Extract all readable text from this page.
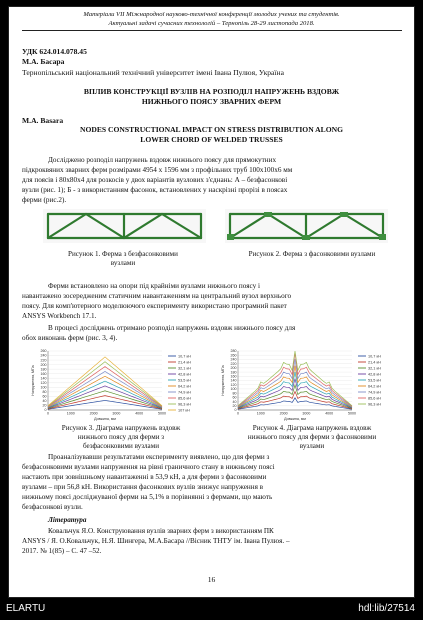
Матеріали VII Міжнародної науково-технічної конференції молодих учених та студентів.
Актуальні задачі сучасних технологій – Тернопіль 28-29 листопада 2018.
УДК 624.014.078.45
М.А. Басара
Тернопільський національний технічний університет імені Івана Пулюя, Україна
ВПЛИВ КОНСТРУКЦІЇ ВУЗЛІВ НА РОЗПОДІЛ НАПРУЖЕНЬ ВЗДОВЖ
НИЖНЬОГО ПОЯСУ ЗВАРНИХ ФЕРМ
M.A. Basara
NODES CONSTRUCTIONAL IMPACT ON STRESS DISTRIBUTION ALONG
LOWER CHORD OF WELDED TRUSSES
Досліджено розподіл напружень вздовж нижнього поясу для прямокутних
підкроквяних зварних ферм розмірами 4954 х 1596 мм з профільних труб 100х100х6 мм
для поясів і 80х80х4 для розкосів у двох варіантів вузлових з'єднань: А – безфасонкові
вузли (рис. 1); Б - з використанням фасонок, встановлених у наскрізні прорізі в поясах
ферми (рис.2).
Рисунок 1. Ферма з безфасонковими
вузлами
Рисунок 2. Ферма з фасонковими вузлами
Ферми встановлено на опори під крайніми вузлами нижнього поясу і
навантажено зосередженим статичним навантаженням на центральний вузол верхнього
поясу. Для комп'ютерного моделюючого експерименту використано програмний пакет
ANSYS Workbench 17.1.
В процесі досліджень отримано розподіл напружень вздовж нижнього поясу для
обох виконань ферм (рис. 3, 4).
0
20
40
60
80
100
120
140
160
180
200
220
240
260
0	1000	2000	3000	4000	5000
Напруження, МПа
Довжина, мм
10,7 кН
21,4 кН
32,1 кН
42,8 кН
53,5 кН
64,2 кН
74,9 кН
85,6 кН
96,3 кН
107 кН	0
20
40
60
80
100
120
140
160
180
200
220
240
260
280
0	1000	2000	3000	4000	5000
Напруження, МПа
Довжина, мм
10,7 кН
21,4 кН
32,1 кН
42,8 кН
53,5 кН
64,2 кН
74,9 кН
85,6 кН
96,3 кН
Рисунок 3. Діаграма напружень вздовж
нижнього поясу для ферми з
безфасонковими вузлами
Рисунок 4. Діаграма напружень вздовж
нижнього поясу для ферми з фасонковими
вузлами
Проаналізувавши результатами експерименту виявлено, що для ферми з
безфасонковими вузлами напруження на рівні граничного стану в нижньому поясі
настають при зовнішньому навантаженні в 53,9 кН, а для ферми з фасонковими
вузлами – при 56,8 кН. Використання фасонкових вузлів знижує напруження в
нижньому поясі досліджуваної ферми на 5,1% в порівнянні з фермами, що мають
безфасонкові вузли.
Література
Ковальчук Я.О. Конструювання вузлів зварних ферм з використанням ПК
ANSYS / Я. О.Ковальчук, Н.Я. Шингера, М.А.Басара //Вісник ТНТУ ім. Івана Пулюя. –
2017. № 1(85) – С. 47 –52.
16
ELARTU	hdl:lib/27514
